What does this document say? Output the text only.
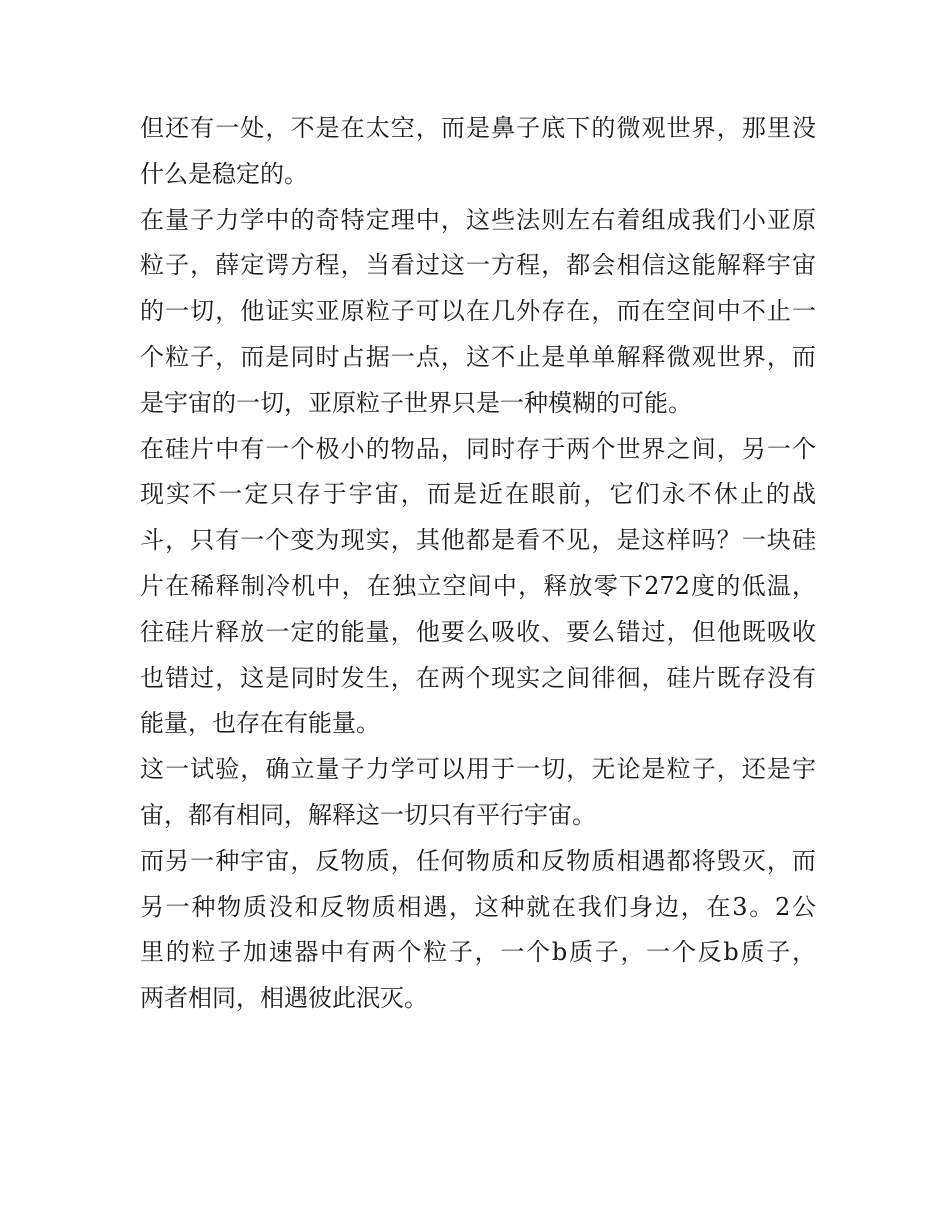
但还有一处，不是在太空，而是鼻子底下的微观世界，那里没
什么是稳定的。
在量子力学中的奇特定理中，这些法则左右着组成我们小亚原
粒子，薛定谔方程，当看过这一方程，都会相信这能解释宇宙
的一切，他证实亚原粒子可以在几外存在，而在空间中不止一
个粒子，而是同时占据一点，这不止是单单解释微观世界，而
是宇宙的一切，亚原粒子世界只是一种模糊的可能。
在硅片中有一个极小的物品，同时存于两个世界之间，另一个
现实不一定只存于宇宙，而是近在眼前，它们永不休止的战
斗，只有一个变为现实，其他都是看不见，是这样吗？一块硅
片在稀释制冷机中，在独立空间中，释放零下272度的低温，
往硅片释放一定的能量，他要么吸收、要么错过，但他既吸收
也错过，这是同时发生，在两个现实之间徘徊，硅片既存没有
能量，也存在有能量。
这一试验，确立量子力学可以用于一切，无论是粒子，还是宇
宙，都有相同，解释这一切只有平行宇宙。
而另一种宇宙，反物质，任何物质和反物质相遇都将毁灭，而
另一种物质没和反物质相遇，这种就在我们身边，在3。2公
里的粒子加速器中有两个粒子，一个b质子，一个反b质子，
两者相同，相遇彼此泯灭。
